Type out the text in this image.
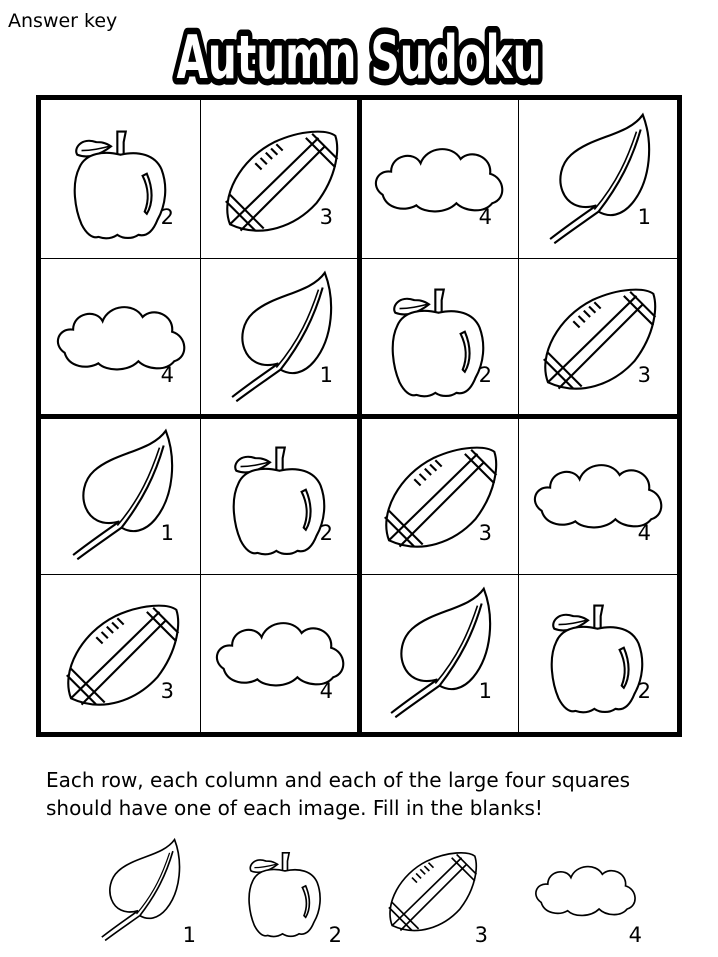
Answer key
Autumn Sudoku
2	3	4	1
4	1	2	3
1	2	3	4
3	4	1	2
Each row, each column and each of the large four squares
should have one of each image. Fill in the blanks!
1	2	3	4
